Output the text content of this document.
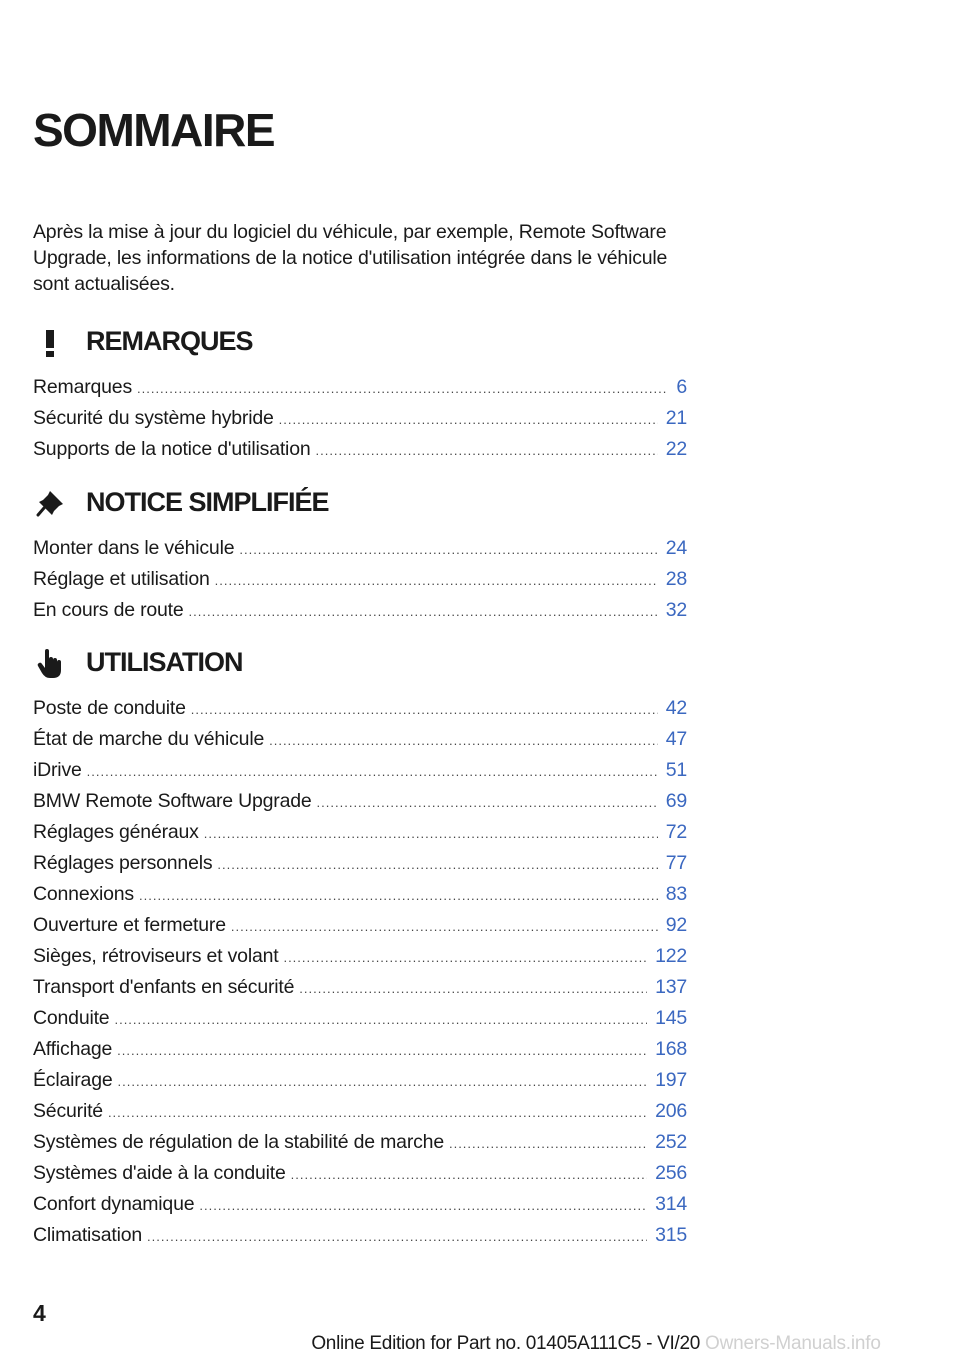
SOMMAIRE

Après la mise à jour du logiciel du véhicule, par exemple, Remote Software Upgrade, les informations de la notice d'utilisation intégrée dans le véhicule sont actualisées.

REMARQUES
Remarques .....	6
Sécurité du système hybride .....	21
Supports de la notice d'utilisation .....	22
NOTICE SIMPLIFIÉE
Monter dans le véhicule .....	24
Réglage et utilisation .....	28
En cours de route .....	32
UTILISATION
Poste de conduite .....	42
État de marche du véhicule .....	47
iDrive .....	51
BMW Remote Software Upgrade .....	69
Réglages généraux .....	72
Réglages personnels .....	77
Connexions .....	83
Ouverture et fermeture .....	92
Sièges, rétroviseurs et volant .....	122
Transport d'enfants en sécurité .....	137
Conduite .....	145
Affichage .....	168
Éclairage .....	197
Sécurité .....	206
Systèmes de régulation de la stabilité de marche .....	252
Systèmes d'aide à la conduite .....	256
Confort dynamique .....	314
Climatisation .....	315
4
Online Edition for Part no. 01405A111C5 - VI/20 Owners-Manuals.info
